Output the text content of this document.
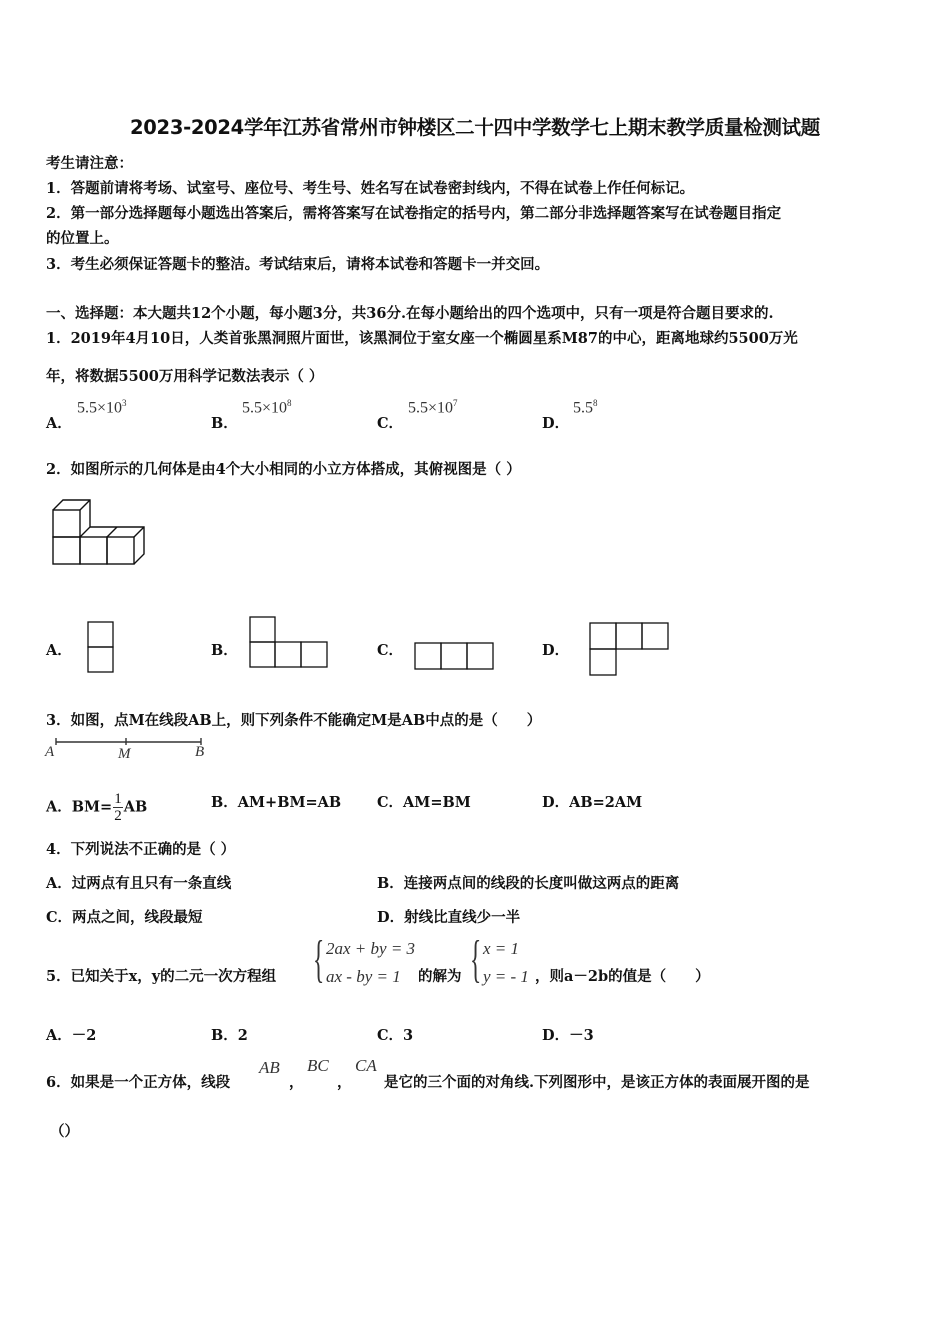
2023-2024学年江苏省常州市钟楼区二十四中学数学七上期末教学质量检测试题
考生请注意：
1．答题前请将考场、试室号、座位号、考生号、姓名写在试卷密封线内，不得在试卷上作任何标记。
2．第一部分选择题每小题选出答案后，需将答案写在试卷指定的括号内，第二部分非选择题答案写在试卷题目指定
的位置上。
3．考生必须保证答题卡的整洁。考试结束后，请将本试卷和答题卡一并交回。
一、选择题：本大题共12个小题，每小题3分，共36分.在每小题给出的四个选项中，只有一项是符合题目要求的.
1．2019年4月10日，人类首张黑洞照片面世，该黑洞位于室女座一个椭圆星系M87的中心，距离地球约5500万光
年，将数据5500万用科学记数法表示（ ）
A．
$5.5\times 10^3$
B．
$5.5\times 10^8$
C．
$5.5\times 10^7$
D．
$5.5^8$
2．如图所示的几何体是由4个大小相同的小立方体搭成，其俯视图是（ ）
A．	B．	C．	D．
3．如图，点M在线段AB上，则下列条件不能确定M是AB中点的是（　　）
A	M	B
A．$BM= \frac{1}{2}$ AB	B．AM+BM=AB C．AM=BM	D．AB=2AM
4．下列说法不正确的是（ ）
A．过两点有且只有一条直线	B．连接两点间的线段的长度叫做这两点的距离
C．两点之间，线段最短	D．射线比直线少一半
5．已知关于x，y的二元一次方程组 { 2ax + by = 3
ax - by = 1 的解为 { x = 1
y = - 1 ，则a－2b的值是（　　）
A．－2	B．2	C．3	D．－3
6．如果是一个正方体，线段
AB
，
BC
，
CA
是它的三个面的对角线.下列图形中，是该正方体的表面展开图的是
（）
